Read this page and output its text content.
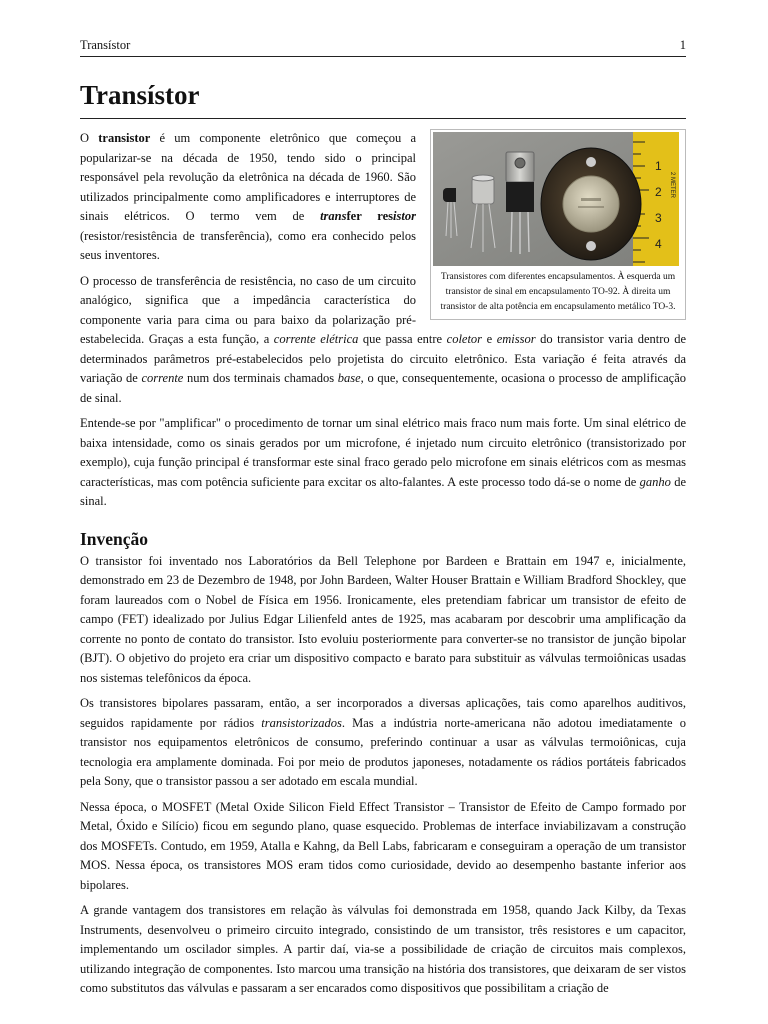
Transístor	1
Transístor
1
2
3
4
2 METER
Transistores com diferentes encapsulamentos. À esquerda um transistor de sinal em encapsulamento TO-92. À direita um transistor de alta potência em encapsulamento metálico TO-3.

O transistor é um componente eletrônico que começou a popularizar-se na década de 1950, tendo sido o principal responsável pela revolução da eletrônica na década de 1960. São utilizados principalmente como amplificadores e interruptores de sinais elétricos. O termo vem de transfer resistor (resistor/resistência de transferência), como era conhecido pelos seus inventores.

O processo de transferência de resistência, no caso de um circuito analógico, significa que a impedância característica do componente varia para cima ou para baixo da polarização pré-estabelecida. Graças a esta função, a corrente elétrica que passa entre coletor e emissor do transistor varia dentro de determinados parâmetros pré-estabelecidos pelo projetista do circuito eletrônico. Esta variação é feita através da variação de corrente num dos terminais chamados base, o que, consequentemente, ocasiona o processo de amplificação de sinal.

Entende-se por "amplificar" o procedimento de tornar um sinal elétrico mais fraco num mais forte. Um sinal elétrico de baixa intensidade, como os sinais gerados por um microfone, é injetado num circuito eletrônico (transistorizado por exemplo), cuja função principal é transformar este sinal fraco gerado pelo microfone em sinais elétricos com as mesmas características, mas com potência suficiente para excitar os alto-falantes. A este processo todo dá-se o nome de ganho de sinal.

Invenção

O transistor foi inventado nos Laboratórios da Bell Telephone por Bardeen e Brattain em 1947 e, inicialmente, demonstrado em 23 de Dezembro de 1948, por John Bardeen, Walter Houser Brattain e William Bradford Shockley, que foram laureados com o Nobel de Física em 1956. Ironicamente, eles pretendiam fabricar um transistor de efeito de campo (FET) idealizado por Julius Edgar Lilienfeld antes de 1925, mas acabaram por descobrir uma amplificação da corrente no ponto de contato do transistor. Isto evoluiu posteriormente para converter-se no transistor de junção bipolar (BJT). O objetivo do projeto era criar um dispositivo compacto e barato para substituir as válvulas termoiônicas usadas nos sistemas telefônicos da época.

Os transistores bipolares passaram, então, a ser incorporados a diversas aplicações, tais como aparelhos auditivos, seguidos rapidamente por rádios transistorizados. Mas a indústria norte-americana não adotou imediatamente o transistor nos equipamentos eletrônicos de consumo, preferindo continuar a usar as válvulas termoiônicas, cuja tecnologia era amplamente dominada. Foi por meio de produtos japoneses, notadamente os rádios portáteis fabricados pela Sony, que o transistor passou a ser adotado em escala mundial.

Nessa época, o MOSFET (Metal Oxide Silicon Field Effect Transistor – Transistor de Efeito de Campo formado por Metal, Óxido e Silício) ficou em segundo plano, quase esquecido. Problemas de interface inviabilizavam a construção dos MOSFETs. Contudo, em 1959, Atalla e Kahng, da Bell Labs, fabricaram e conseguiram a operação de um transistor MOS. Nessa época, os transistores MOS eram tidos como curiosidade, devido ao desempenho bastante inferior aos bipolares.

A grande vantagem dos transistores em relação às válvulas foi demonstrada em 1958, quando Jack Kilby, da Texas Instruments, desenvolveu o primeiro circuito integrado, consistindo de um transistor, três resistores e um capacitor, implementando um oscilador simples. A partir daí, via-se a possibilidade de criação de circuitos mais complexos, utilizando integração de componentes. Isto marcou uma transição na história dos transistores, que deixaram de ser vistos como substitutos das válvulas e passaram a ser encarados como dispositivos que possibilitam a criação de
